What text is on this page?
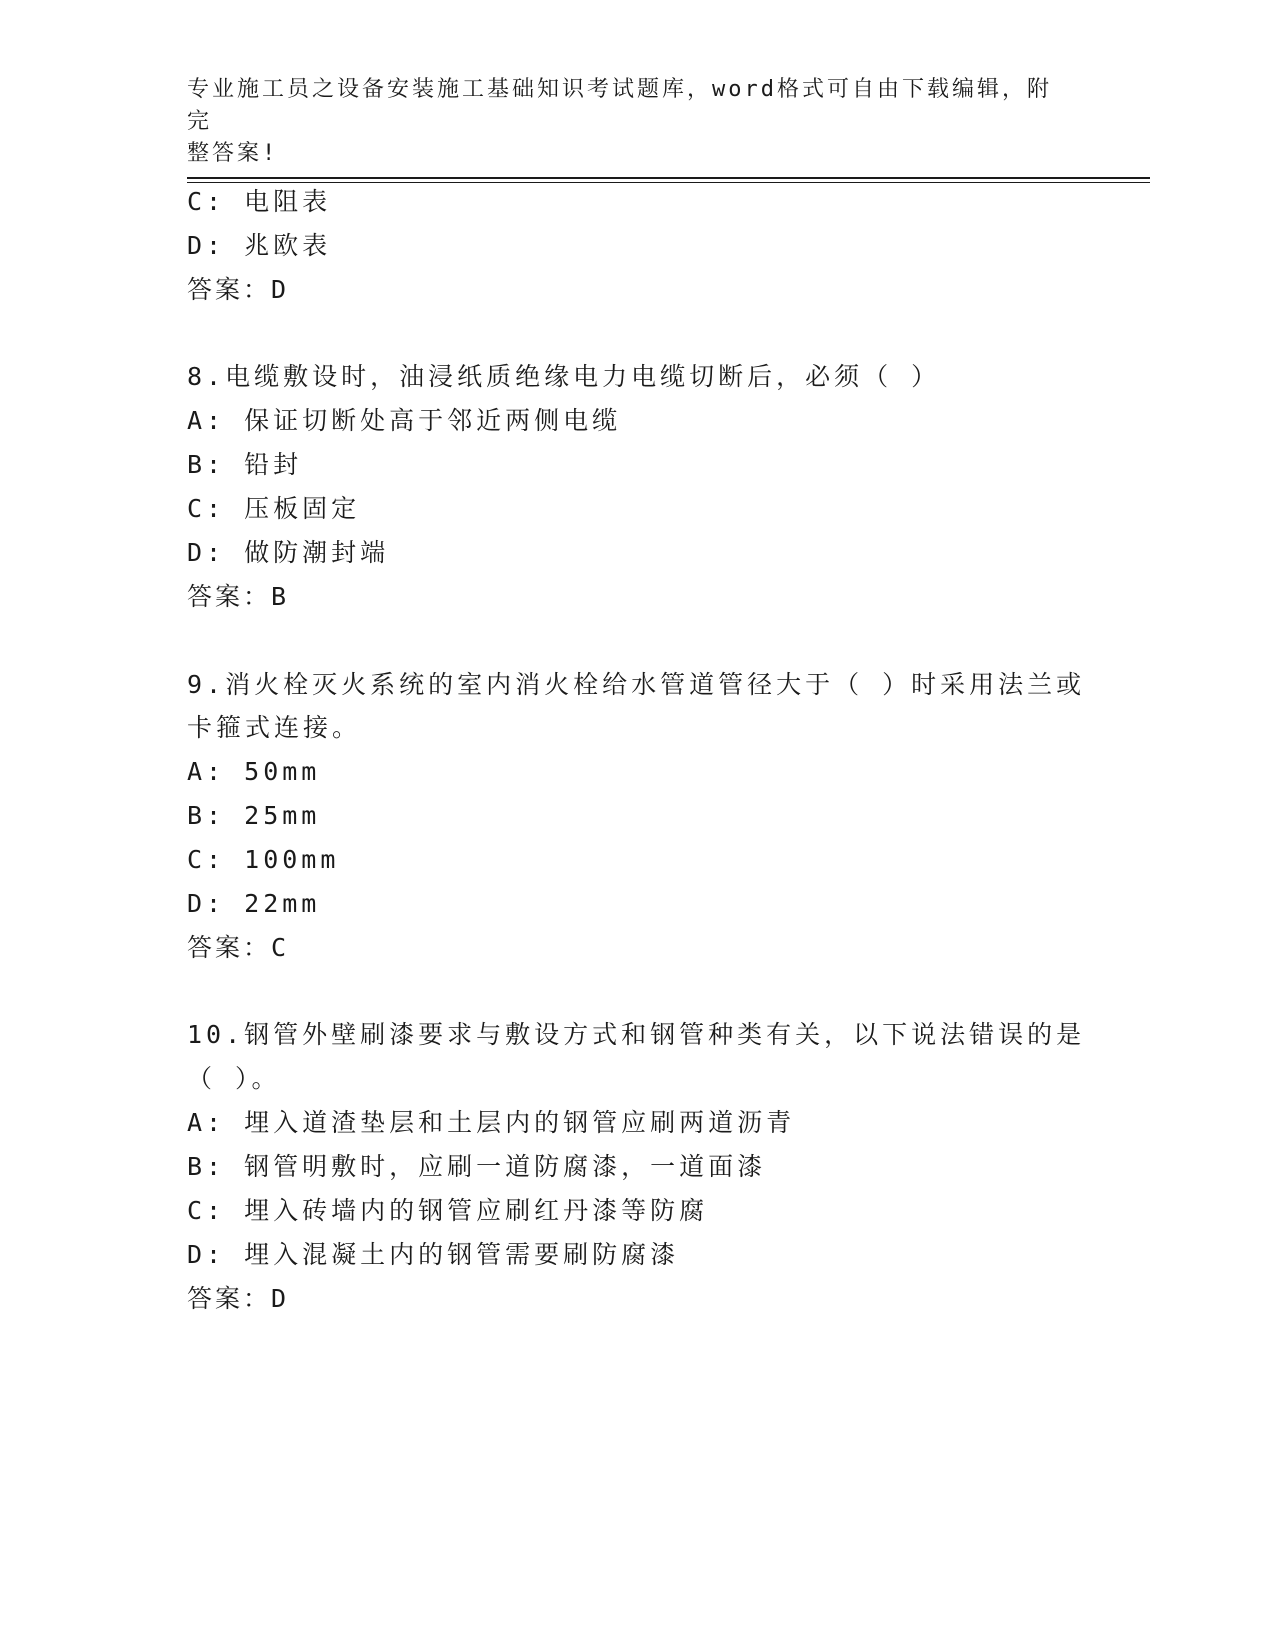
专业施工员之设备安装施工基础知识考试题库，word格式可自由下载编辑，附完
整答案!
C: 电阻表
D: 兆欧表
答案：D
8.电缆敷设时，油浸纸质绝缘电力电缆切断后，必须（ ）
A: 保证切断处高于邻近两侧电缆
B: 铅封
C: 压板固定
D: 做防潮封端
答案：B
9.消火栓灭火系统的室内消火栓给水管道管径大于（ ）时采用法兰或
卡箍式连接。
A: 50mm
B: 25mm
C: 100mm
D: 22mm
答案：C
10.钢管外壁刷漆要求与敷设方式和钢管种类有关，以下说法错误的是
（ ）。
A: 埋入道渣垫层和土层内的钢管应刷两道沥青
B: 钢管明敷时，应刷一道防腐漆，一道面漆
C: 埋入砖墙内的钢管应刷红丹漆等防腐
D: 埋入混凝土内的钢管需要刷防腐漆
答案：D
